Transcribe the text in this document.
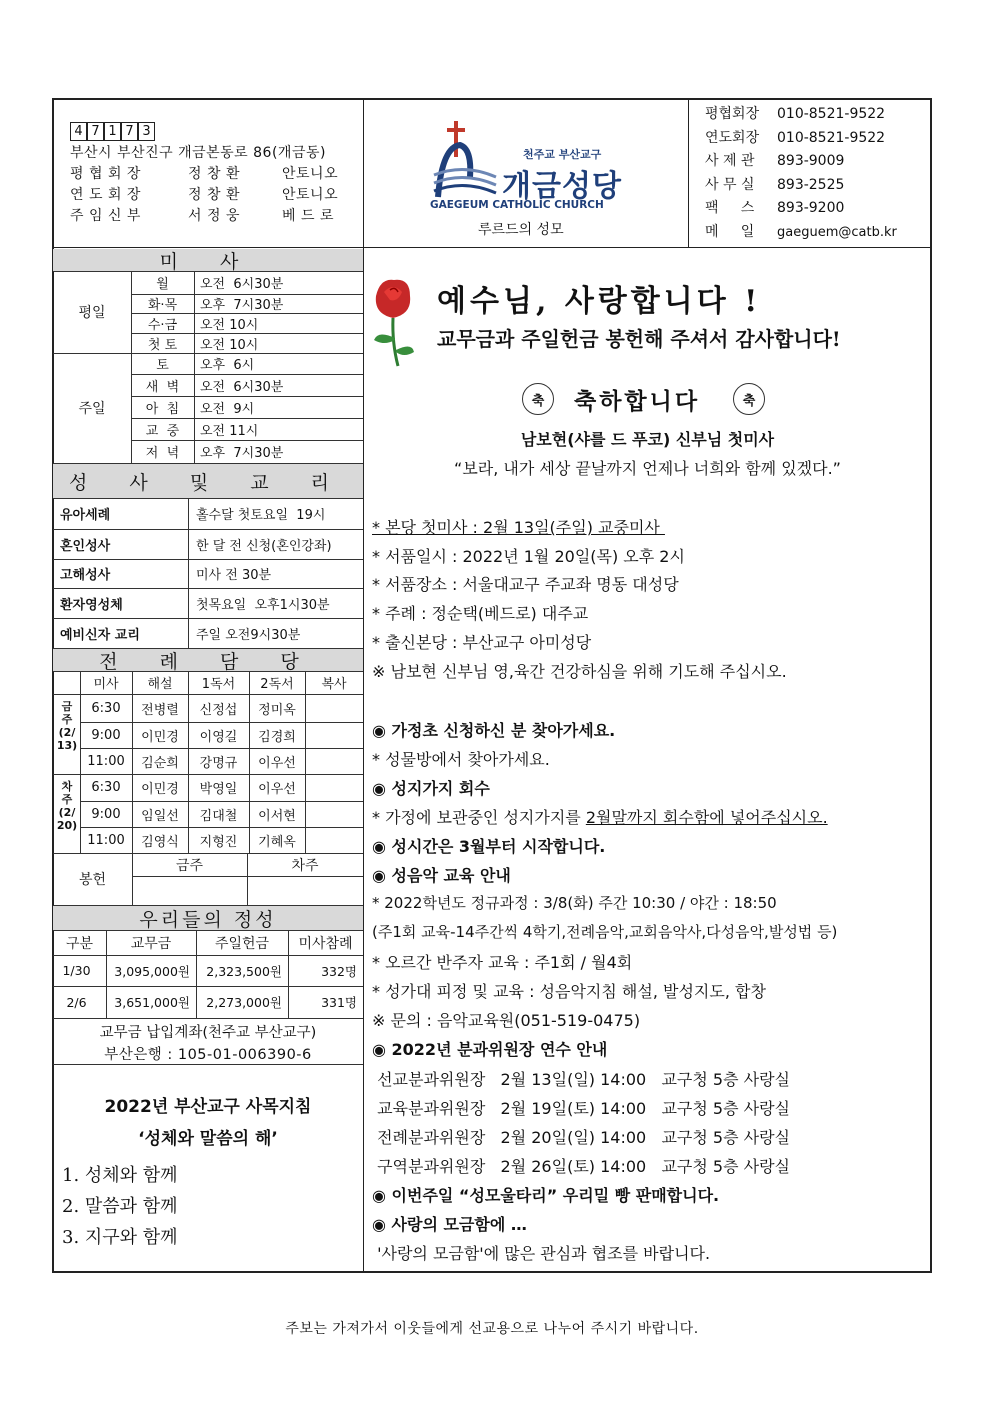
4 7 1 7 3
부산시 부산진구 개금본동로 86(개금동)
평 협 회 장	정 창 환	안토니오
연 도 회 장	정 창 환	안토니오
주 임 신 부	서 정 웅	베 드 로
천주교 부산교구
개금성당
GAEGEUM CATHOLIC CHURCH
루르드의 성모
평협회장 010-8521-9522
연도회장 010-8521-9522
사 제 관 893-9009
사 무 실 893-2525
팩     스 893-9200
메     일 gaeguem@catb.kr
미 사
평일
월	오전  6시30분
화·목	오후  7시30분
수·금	오전 10시
첫 토	오전 10시
주일
토	오후  6시
새  벽	오전  6시30분
아  침	오전  9시
교  중	오전 11시
저  녁	오후  7시30분
성 사 및 교 리
유아세례	홀수달 첫토요일  19시
혼인성사	한 달 전 신청(혼인강좌)
고해성사	미사 전 30분
환자영성체	첫목요일  오후1시30분
예비신자 교리	주일 오전9시30분
전 례 담 당
미사	해설	1독서	2독서	복사
금
주
(2/
13)
차
주
(2/
20)
6:30	전병렬	신정섭	정미옥
9:00	이민경	이영길	김경희
11:00	김순희	강명규	이우선
6:30	이민경	박영일	이우선
9:00	임일선	김대철	이서현
11:00	김영식	지형진	기혜옥
봉헌
금주	차주
우리들의 정성
구분	교무금	주일헌금	미사참례
1/30	3,095,000원	2,323,500원	332명
2/6	3,651,000원	2,273,000원	331명
교무금 납입계좌(천주교 부산교구)
부산은행 : 105-01-006390-6
2022년 부산교구 사목지침
‘성체와 말씀의 해’
1. 성체와 함께
2. 말씀과 함께
3. 지구와 함께
예수님, 사랑합니다 !
교무금과 주일헌금 봉헌해 주셔서 감사합니다!
축	축하합니다	축
남보현(샤를 드 푸코) 신부님 첫미사
“보라, 내가 세상 끝날까지 언제나 너희와 함께 있겠다.”
* 본당 첫미사 : 2월 13일(주일) 교중미사
* 서품일시 : 2022년 1월 20일(목) 오후 2시
* 서품장소 : 서울대교구 주교좌 명동 대성당
* 주례 : 정순택(베드로) 대주교
* 출신본당 : 부산교구 아미성당
※ 남보현 신부님 영,육간 건강하심을 위해 기도해 주십시오.
◉ 가정초 신청하신 분 찾아가세요.
* 성물방에서 찾아가세요.
◉ 성지가지 회수
* 가정에 보관중인 성지가지를 2월말까지 회수함에 넣어주십시오.
◉ 성시간은 3월부터 시작합니다.
◉ 성음악 교육 안내
* 2022학년도 정규과정 : 3/8(화) 주간 10:30 / 야간 : 18:50
(주1회 교육-14주간씩 4학기,전례음악,교회음악사,다성음악,발성법 등)
* 오르간 반주자 교육 : 주1회 / 월4회
* 성가대 피정 및 교육 : 성음악지침 해설, 발성지도, 합창
※ 문의 : 음악교육원(051-519-0475)
◉ 2022년 분과위원장 연수 안내
선교분과위원장   2월 13일(일) 14:00   교구청 5층 사랑실
교육분과위원장   2월 19일(토) 14:00   교구청 5층 사랑실
전례분과위원장   2월 20일(일) 14:00   교구청 5층 사랑실
구역분과위원장   2월 26일(토) 14:00   교구청 5층 사랑실
◉ 이번주일 “성모울타리” 우리밀 빵 판매합니다.
◉ 사랑의 모금함에 …
'사랑의 모금함'에 많은 관심과 협조를 바랍니다.
주보는 가져가서 이웃들에게 선교용으로 나누어 주시기 바랍니다.
